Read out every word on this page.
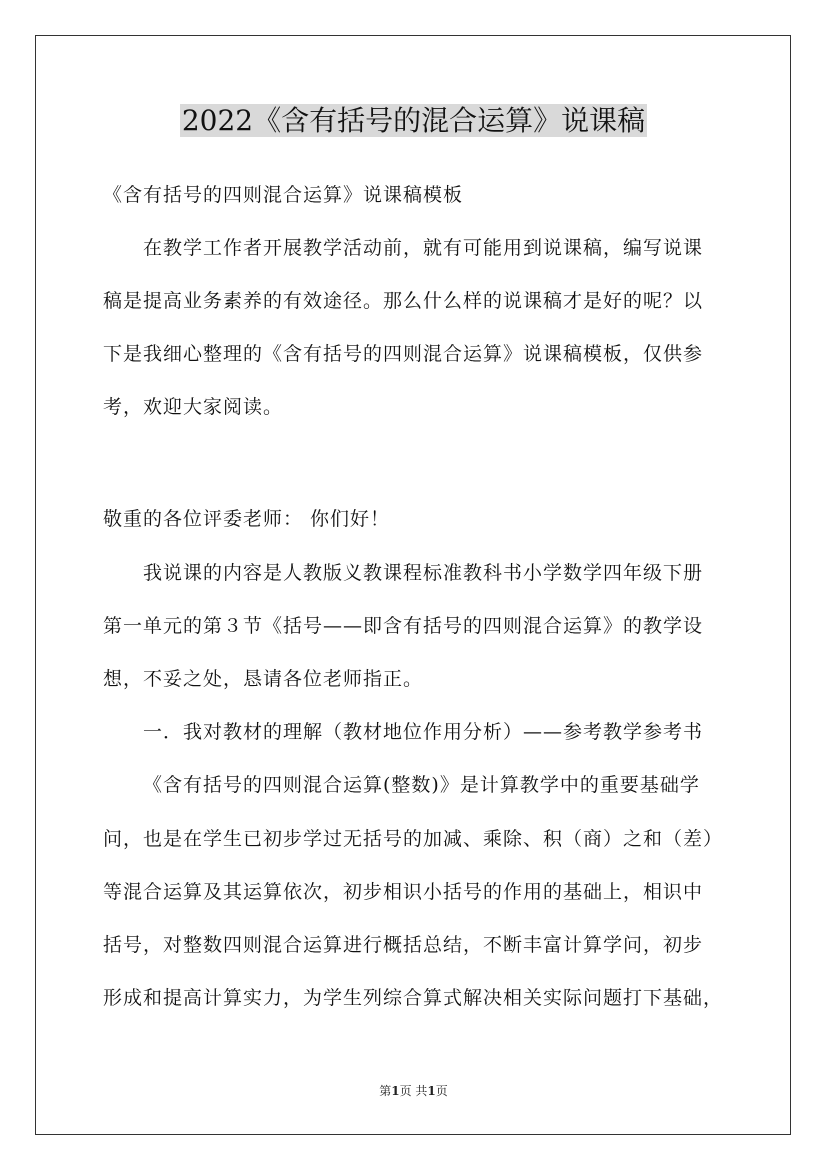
2022《含有括号的混合运算》说课稿
《含有括号的四则混合运算》说课稿模板
在教学工作者开展教学活动前，就有可能用到说课稿，编写说课
稿是提高业务素养的有效途径。那么什么样的说课稿才是好的呢？以
下是我细心整理的《含有括号的四则混合运算》说课稿模板，仅供参
考，欢迎大家阅读。
敬重的各位评委老师： 你们好！
我说课的内容是人教版义教课程标准教科书小学数学四年级下册
第一单元的第３节《括号——即含有括号的四则混合运算》的教学设
想，不妥之处，恳请各位老师指正。
一．我对教材的理解（教材地位作用分析）——参考教学参考书
《含有括号的四则混合运算(整数)》是计算教学中的重要基础学
问，也是在学生已初步学过无括号的加减、乘除、积（商）之和（差）
等混合运算及其运算依次，初步相识小括号的作用的基础上，相识中
括号，对整数四则混合运算进行概括总结，不断丰富计算学问，初步
形成和提高计算实力，为学生列综合算式解决相关实际问题打下基础，
第1页 共1页
